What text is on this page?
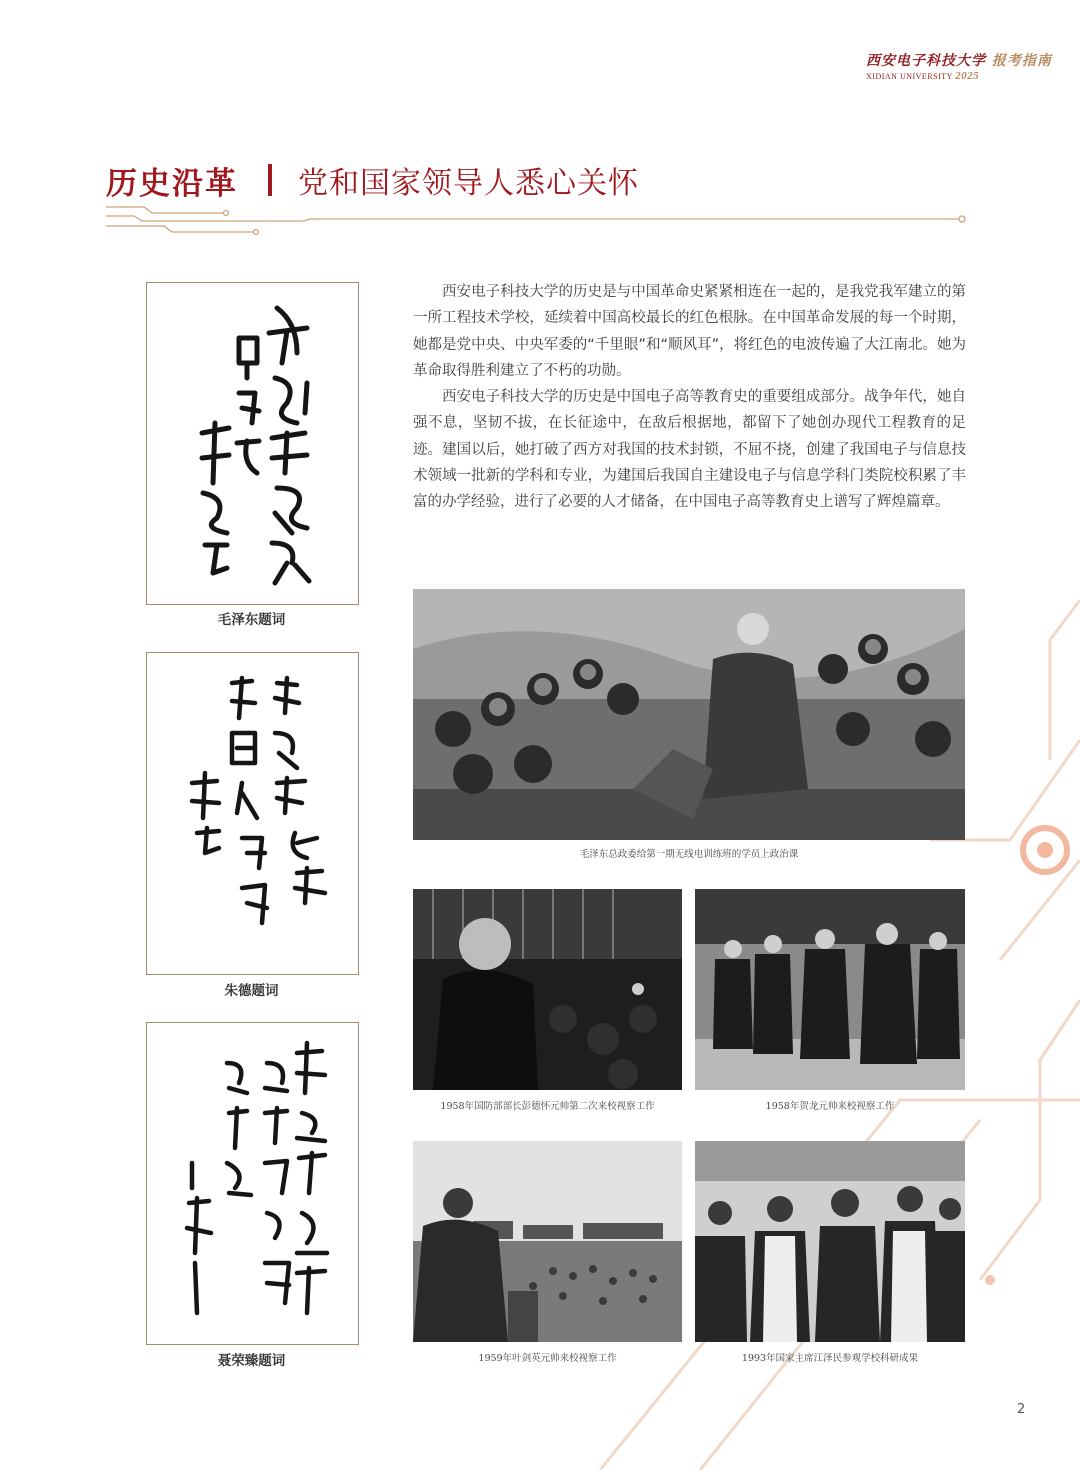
西安电子科技大学 报考指南
XIDIAN UNIVERSITY 2025
历史沿革 党和国家领导人悉心关怀
毛泽东题词
朱德题词
聂荣臻题词

西安电子科技大学的历史是与中国革命史紧紧相连在一起的，是我党我军建立的第一所工程技术学校，延续着中国高校最长的红色根脉。在中国革命发展的每一个时期，她都是党中央、中央军委的“千里眼”和“顺风耳”，将红色的电波传遍了大江南北。她为革命取得胜利建立了不朽的功勋。

西安电子科技大学的历史是中国电子高等教育史的重要组成部分。战争年代，她自强不息，坚韧不拔，在长征途中，在敌后根据地，都留下了她创办现代工程教育的足迹。建国以后，她打破了西方对我国的技术封锁，不屈不挠，创建了我国电子与信息技术领域一批新的学科和专业，为建国后我国自主建设电子与信息学科门类院校积累了丰富的办学经验，进行了必要的人才储备，在中国电子高等教育史上谱写了辉煌篇章。

毛泽东总政委给第一期无线电训练班的学员上政治课
1958年国防部部长彭德怀元帅第二次来校视察工作	1958年贺龙元帅来校视察工作
1959年叶剑英元帅来校视察工作	1993年国家主席江泽民参观学校科研成果
2
